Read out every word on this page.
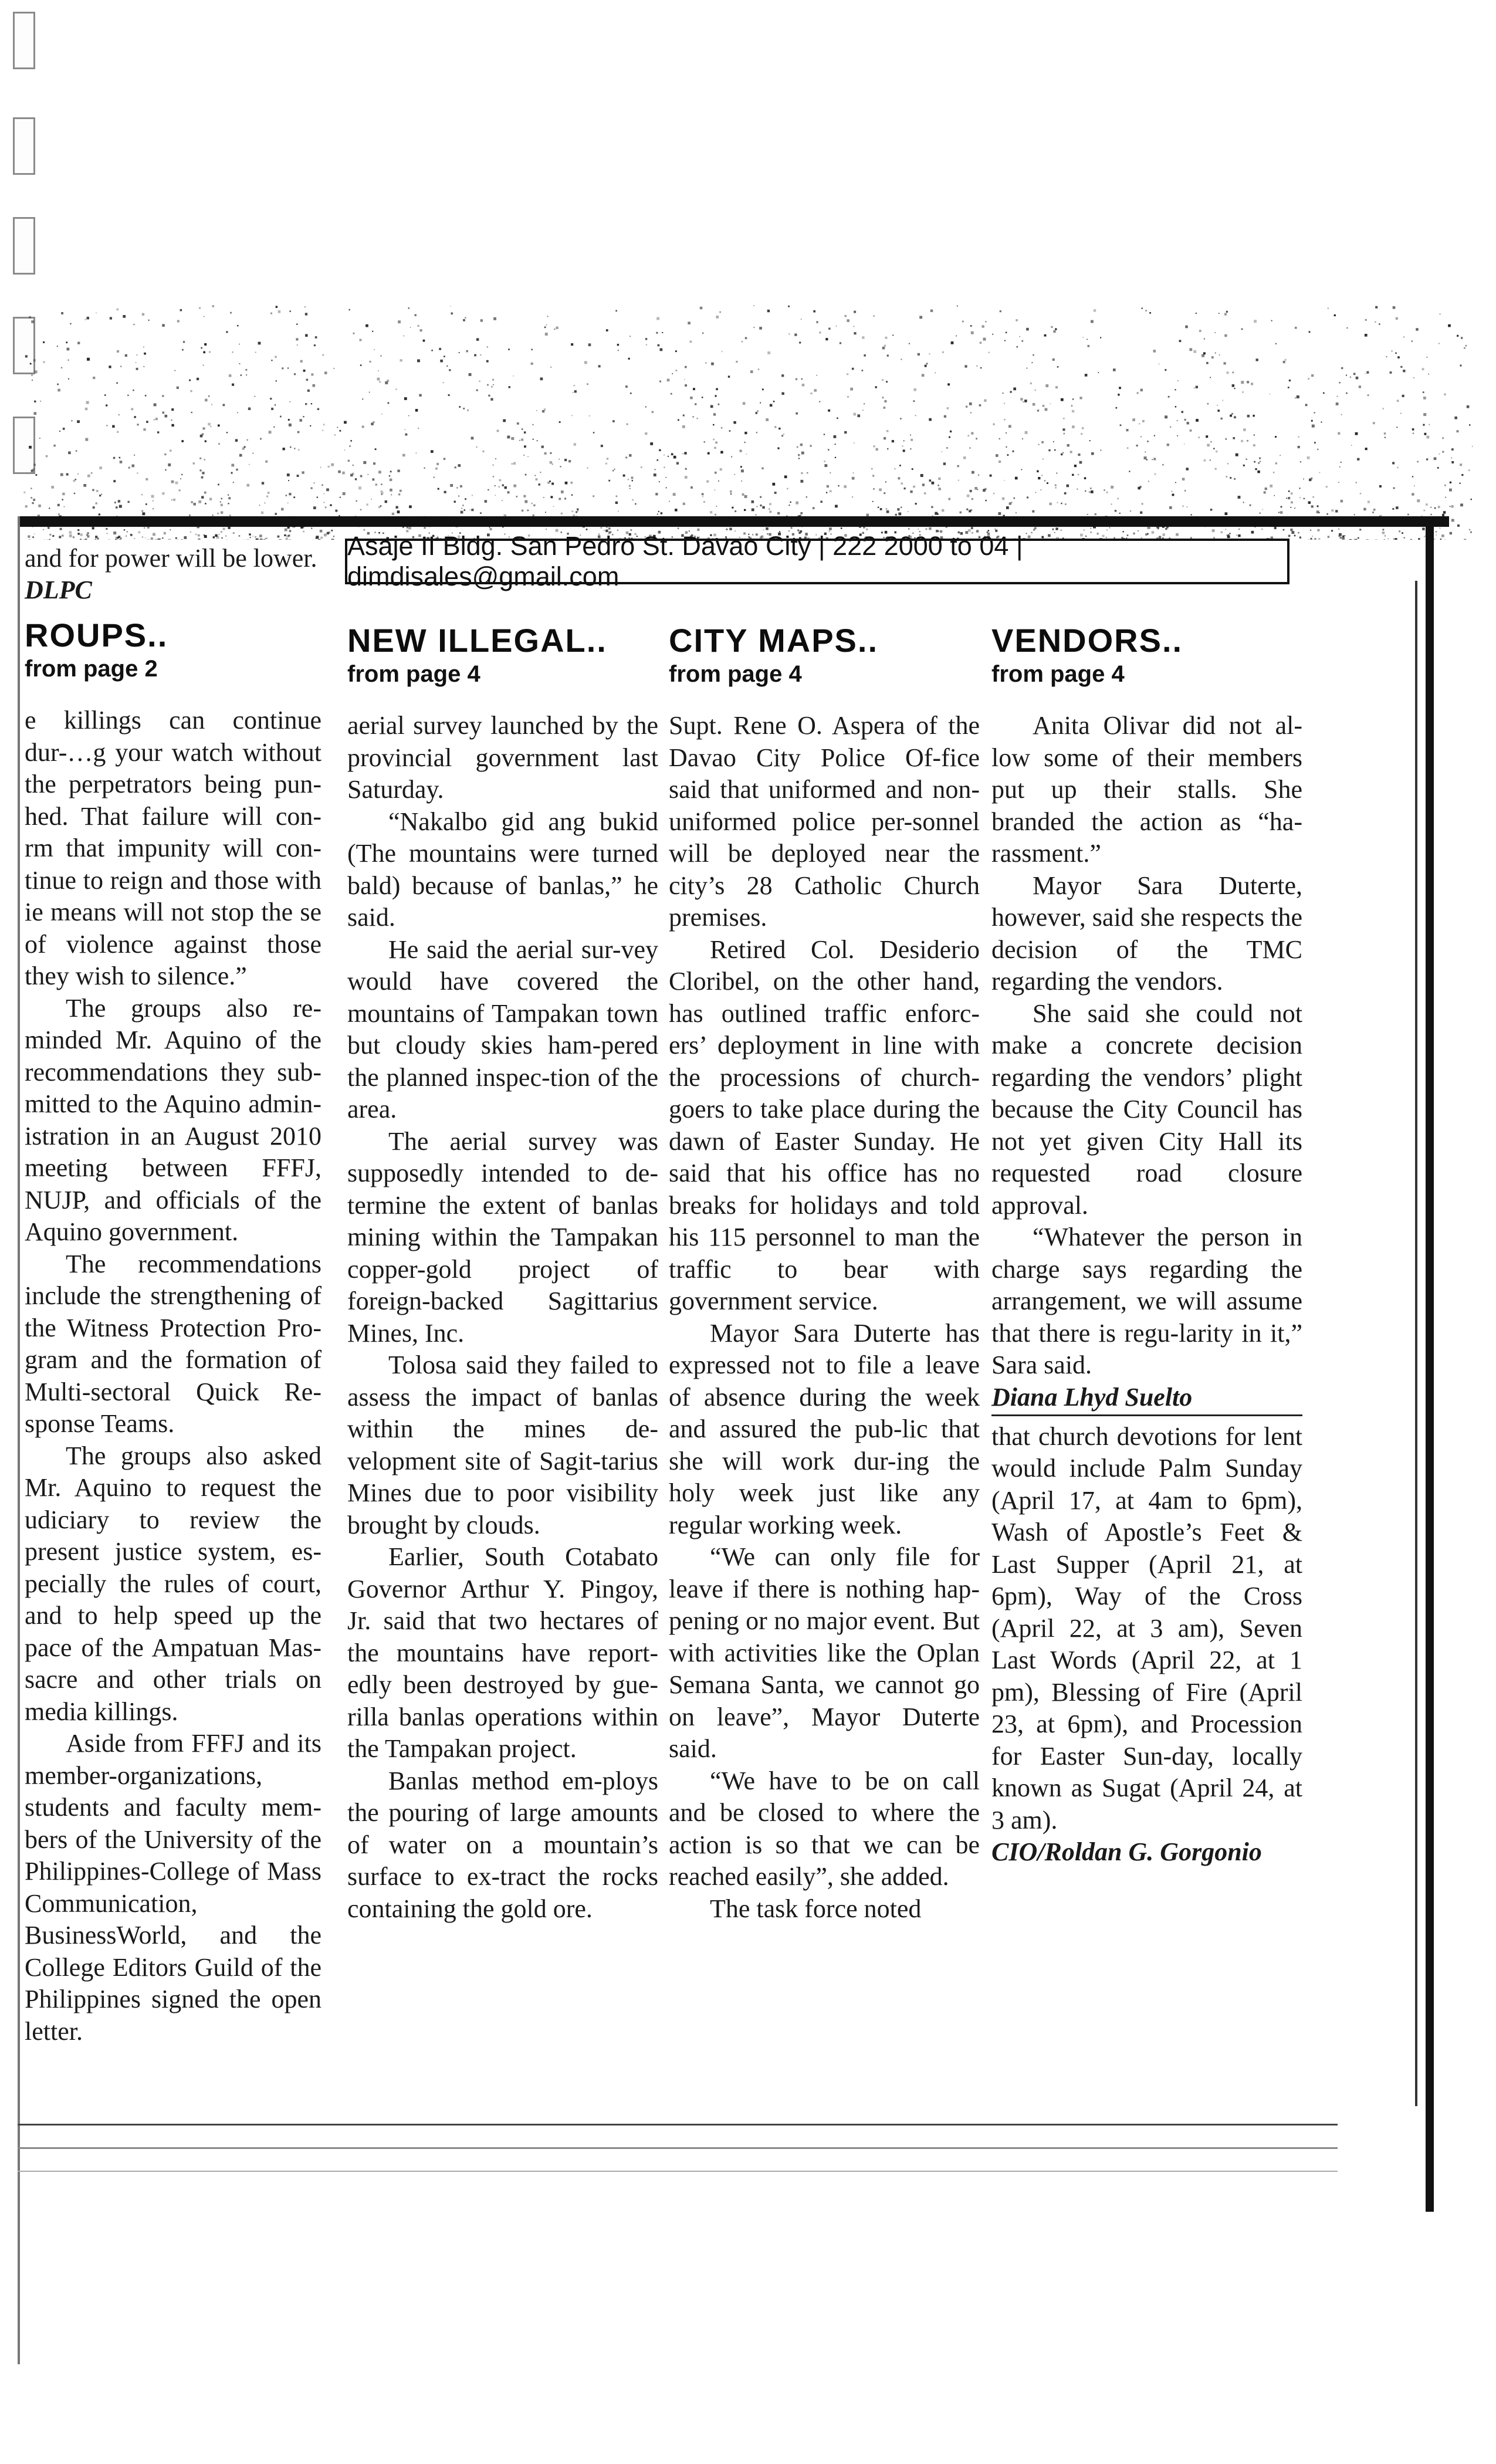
Asaje II Bldg. San Pedro St. Davao City | 222 2000 to 04 | dimdisales@gmail.com

and for power will be lower. DLPC

ROUPS..
from page 2

e killings can continue dur-…g your watch without the perpetrators being pun-hed. That failure will con-rm that impunity will con-tinue to reign and those with ie means will not stop the se of violence against those they wish to silence.”

The groups also re-minded Mr. Aquino of the recommendations they sub-mitted to the Aquino admin-istration in an August 2010 meeting between FFFJ, NUJP, and officials of the Aquino government.

The recommendations include the strengthening of the Witness Protection Pro-gram and the formation of Multi-sectoral Quick Re-sponse Teams.

The groups also asked Mr. Aquino to request the udiciary to review the present justice system, es-pecially the rules of court, and to help speed up the pace of the Ampatuan Mas-sacre and other trials on media killings.

Aside from FFFJ and its member-organizations, students and faculty mem-bers of the University of the Philippines-College of Mass Communication, BusinessWorld, and the College Editors Guild of the Philippines signed the open letter.

NEW ILLEGAL..
from page 4

aerial survey launched by the provincial government last Saturday.

“Nakalbo gid ang bukid (The mountains were turned bald) because of banlas,” he said.

He said the aerial sur-vey would have covered the mountains of Tampakan town but cloudy skies ham-pered the planned inspec-tion of the area.

The aerial survey was supposedly intended to de-termine the extent of banlas mining within the Tampakan copper-gold project of foreign-backed Sagittarius Mines, Inc.

Tolosa said they failed to assess the impact of banlas within the mines de-velopment site of Sagit-tarius Mines due to poor visibility brought by clouds.

Earlier, South Cotabato Governor Arthur Y. Pingoy, Jr. said that two hectares of the mountains have report-edly been destroyed by gue-rilla banlas operations within the Tampakan project.

Banlas method em-ploys the pouring of large amounts of water on a mountain’s surface to ex-tract the rocks containing the gold ore.

CITY MAPS..
from page 4

Supt. Rene O. Aspera of the Davao City Police Of-fice said that uniformed and non-uniformed police per-sonnel will be deployed near the city’s 28 Catholic Church premises.

Retired Col. Desiderio Cloribel, on the other hand, has outlined traffic enforc-ers’ deployment in line with the processions of church-goers to take place during the dawn of Easter Sunday. He said that his office has no breaks for holidays and told his 115 personnel to man the traffic to bear with government service.

Mayor Sara Duterte has expressed not to file a leave of absence during the week and assured the pub-lic that she will work dur-ing the holy week just like any regular working week.

“We can only file for leave if there is nothing hap-pening or no major event. But with activities like the Oplan Semana Santa, we cannot go on leave”, Mayor Duterte said.

“We have to be on call and be closed to where the action is so that we can be reached easily”, she added.

The task force noted

VENDORS..
from page 4

Anita Olivar did not al-low some of their members put up their stalls. She branded the action as “ha-rassment.”

Mayor Sara Duterte, however, said she respects the decision of the TMC regarding the vendors.

She said she could not make a concrete decision regarding the vendors’ plight because the City Council has not yet given City Hall its requested road closure approval.

“Whatever the person in charge says regarding the arrangement, we will assume that there is regu-larity in it,” Sara said.

Diana Lhyd Suelto

that church devotions for lent would include Palm Sunday (April 17, at 4am to 6pm), Wash of Apostle’s Feet & Last Supper (April 21, at 6pm), Way of the Cross (April 22, at 3 am), Seven Last Words (April 22, at 1 pm), Blessing of Fire (April 23, at 6pm), and Procession for Easter Sun-day, locally known as Sugat (April 24, at 3 am).

CIO/Roldan G. Gorgonio
